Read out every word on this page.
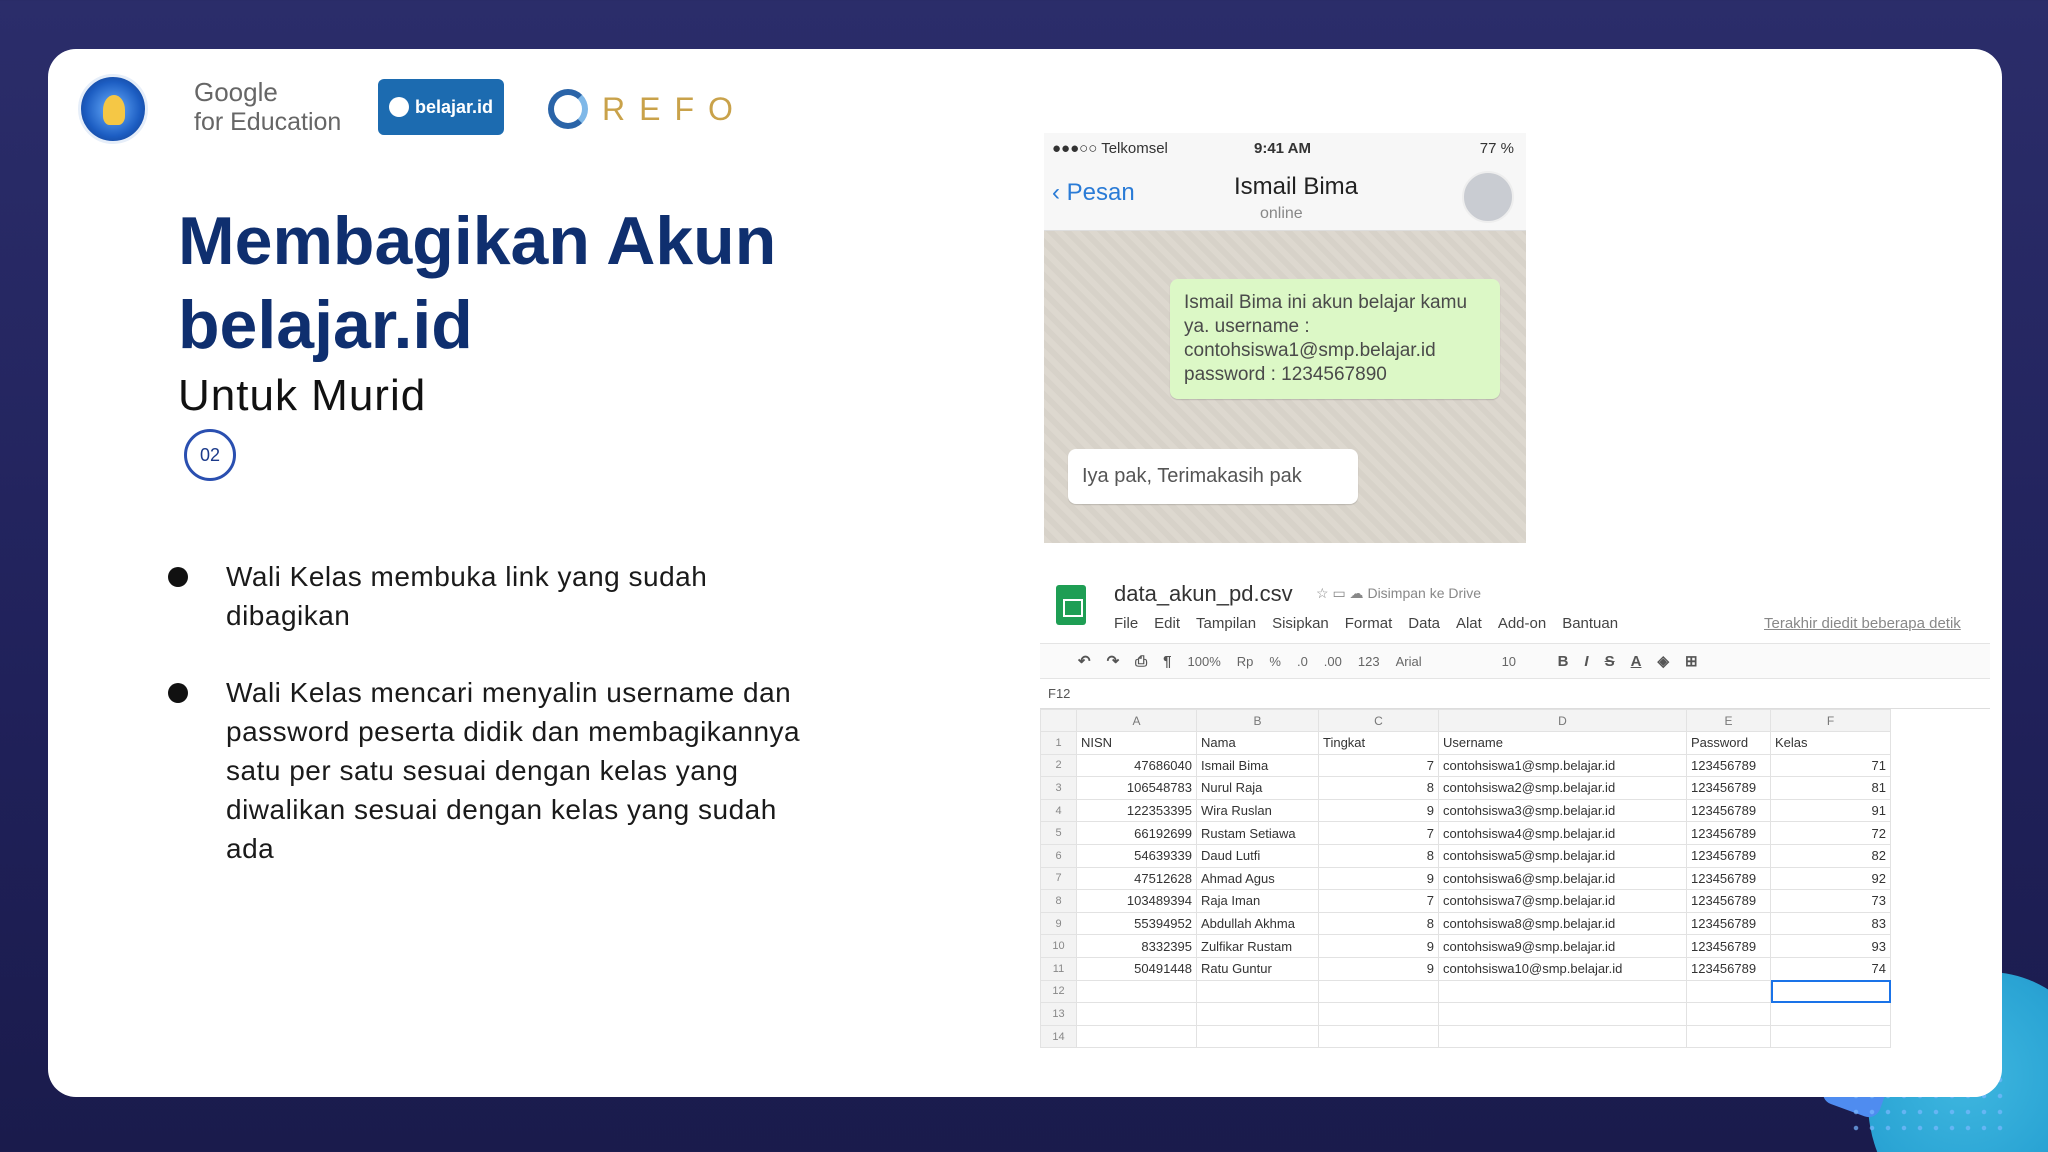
Google
for Education
belajar.id	REFO
Membagikan Akun
belajar.id
Untuk Murid
02
Wali Kelas membuka link yang sudah dibagikan
Wali Kelas mencari menyalin username dan password peserta didik dan membagikannya satu per satu sesuai dengan kelas yang diwalikan sesuai dengan kelas yang sudah ada
●●●○○ Telkomsel	9:41 AM	77 %
‹ Pesan	Ismail Bima
online
Ismail Bima ini akun belajar kamu ya. username : contohsiswa1@smp.belajar.id password : 1234567890
Iya pak, Terimakasih pak
data_akun_pd.csv ☆ ▭ ☁ Disimpan ke Drive
File Edit Tampilan Sisipkan Format Data Alat Add-on Bantuan	Terakhir diedit beberapa detik
↶ ↷ ⎙ ¶ 100% Rp % .0 .00 123 Arial	10	B I S A ◈ ⊞
F12
	A	B	C	D	E	F
1	NISN	Nama	Tingkat	Username	Password	Kelas
2	47686040	Ismail Bima	7	contohsiswa1@smp.belajar.id	123456789	71
3	106548783	Nurul Raja	8	contohsiswa2@smp.belajar.id	123456789	81
4	122353395	Wira Ruslan	9	contohsiswa3@smp.belajar.id	123456789	91
5	66192699	Rustam Setiawa	7	contohsiswa4@smp.belajar.id	123456789	72
6	54639339	Daud Lutfi	8	contohsiswa5@smp.belajar.id	123456789	82
7	47512628	Ahmad Agus	9	contohsiswa6@smp.belajar.id	123456789	92
8	103489394	Raja Iman	7	contohsiswa7@smp.belajar.id	123456789	73
9	55394952	Abdullah Akhma	8	contohsiswa8@smp.belajar.id	123456789	83
10	8332395	Zulfikar Rustam	9	contohsiswa9@smp.belajar.id	123456789	93
11	50491448	Ratu Guntur	9	contohsiswa10@smp.belajar.id	123456789	74
12						
13						
14						
